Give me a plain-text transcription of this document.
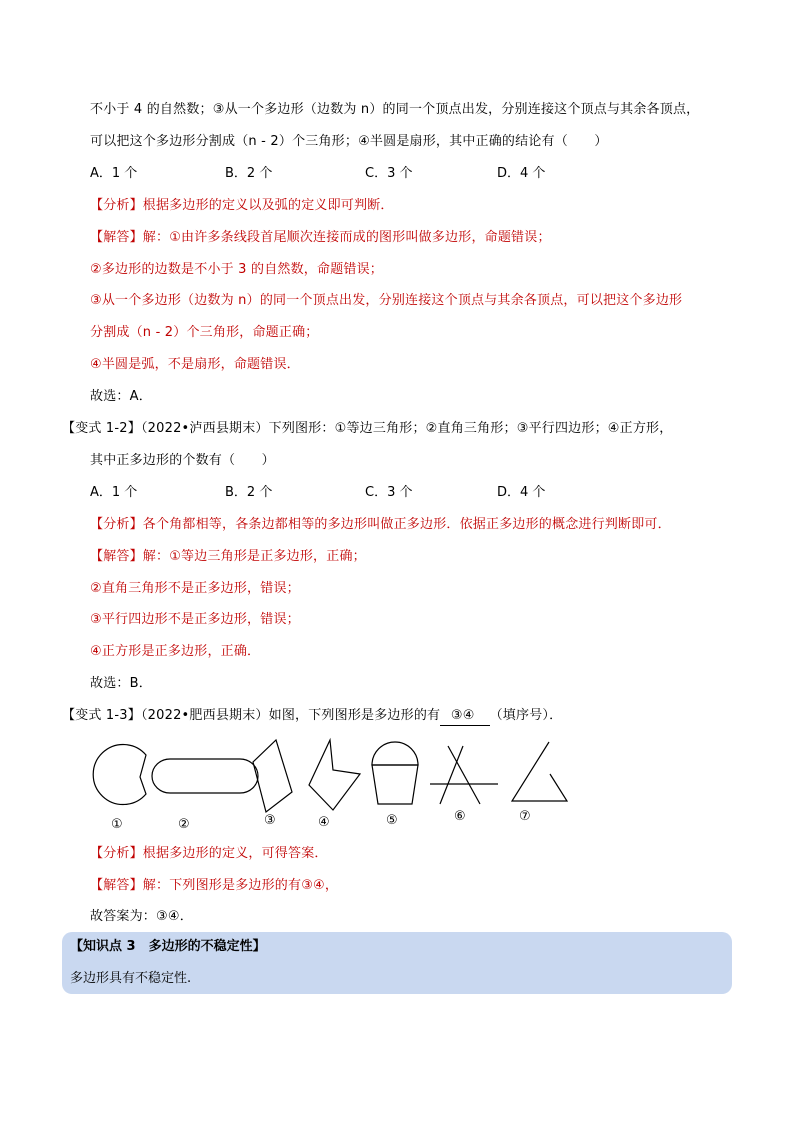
不小于 4 的自然数；③从一个多边形（边数为 n）的同一个顶点出发，分别连接这个顶点与其余各顶点，
可以把这个多边形分割成（n - 2）个三角形；④半圆是扇形，其中正确的结论有（　　）
A．1 个	B．2 个	C．3 个	D．4 个
【分析】根据多边形的定义以及弧的定义即可判断．
【解答】解：①由许多条线段首尾顺次连接而成的图形叫做多边形，命题错误；
②多边形的边数是不小于 3 的自然数，命题错误；
③从一个多边形（边数为 n）的同一个顶点出发，分别连接这个顶点与其余各顶点，可以把这个多边形
分割成（n - 2）个三角形，命题正确；
④半圆是弧，不是扇形，命题错误．
故选：A．
【变式 1-2】（2022•泸西县期末）下列图形：①等边三角形；②直角三角形；③平行四边形；④正方形，
其中正多边形的个数有（　　）
A．1 个	B．2 个	C．3 个	D．4 个
【分析】各个角都相等，各条边都相等的多边形叫做正多边形．依据正多边形的概念进行判断即可．
【解答】解：①等边三角形是正多边形，正确；
②直角三角形不是正多边形，错误；
③平行四边形不是正多边形，错误；
④正方形是正多边形，正确．
故选：B．
【变式 1-3】（2022•肥西县期末）如图，下列图形是多边形的有 ③④ （填序号）．
①	②	③	④	⑤	⑥	⑦
【分析】根据多边形的定义，可得答案．
【解答】解：下列图形是多边形的有③④，
故答案为：③④．
【知识点 3　多边形的不稳定性】
多边形具有不稳定性.
